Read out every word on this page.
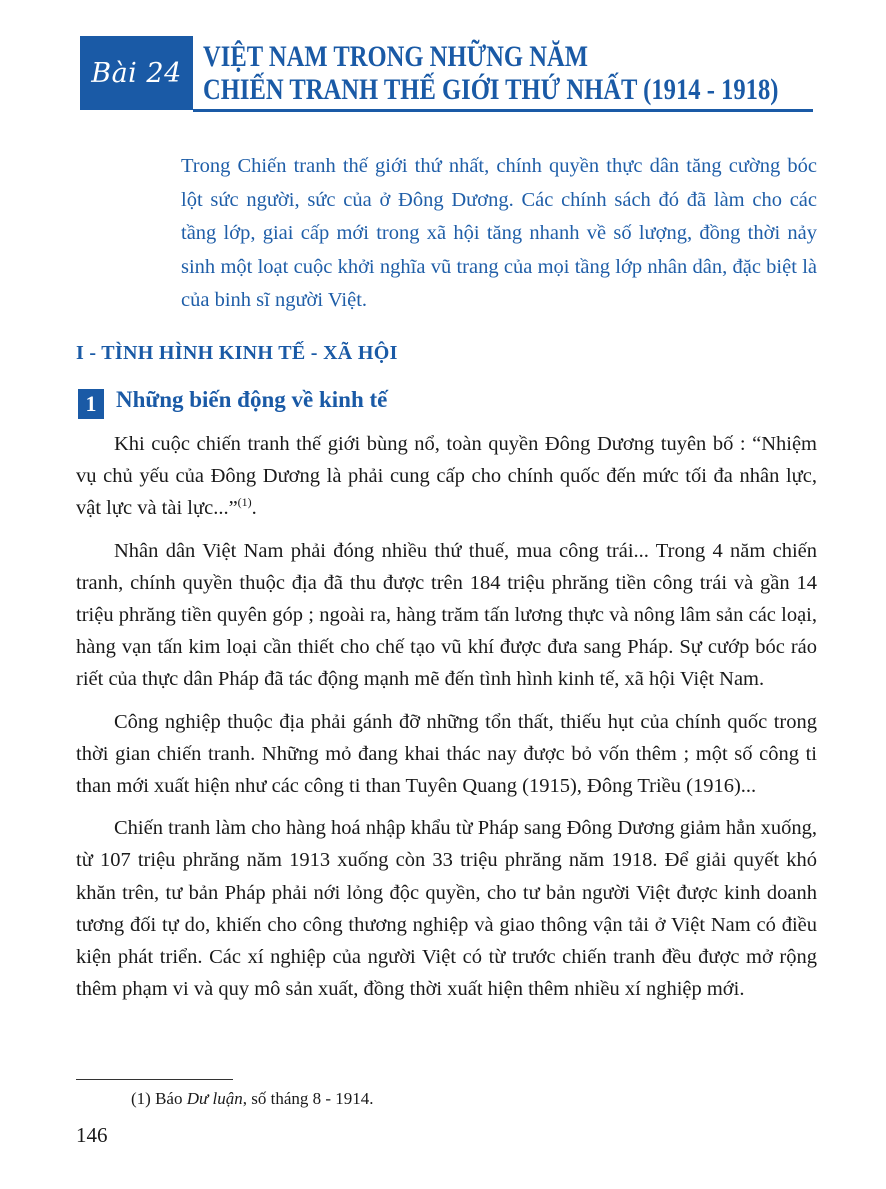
Bài 24 VIỆT NAM TRONG NHỮNG NĂM
CHIẾN TRANH THẾ GIỚI THỨ NHẤT (1914 - 1918)

Trong Chiến tranh thế giới thứ nhất, chính quyền thực dân tăng cường bóc lột sức người, sức của ở Đông Dương. Các chính sách đó đã làm cho các tầng lớp, giai cấp mới trong xã hội tăng nhanh về số lượng, đồng thời nảy sinh một loạt cuộc khởi nghĩa vũ trang của mọi tầng lớp nhân dân, đặc biệt là của binh sĩ người Việt.

I - TÌNH HÌNH KINH TẾ - XÃ HỘI
1 Những biến động về kinh tế

Khi cuộc chiến tranh thế giới bùng nổ, toàn quyền Đông Dương tuyên bố : “Nhiệm vụ chủ yếu của Đông Dương là phải cung cấp cho chính quốc đến mức tối đa nhân lực, vật lực và tài lực...”$^{(1)}$.

Nhân dân Việt Nam phải đóng nhiều thứ thuế, mua công trái... Trong 4 năm chiến tranh, chính quyền thuộc địa đã thu được trên 184 triệu phrăng tiền công trái và gần 14 triệu phrăng tiền quyên góp ; ngoài ra, hàng trăm tấn lương thực và nông lâm sản các loại, hàng vạn tấn kim loại cần thiết cho chế tạo vũ khí được đưa sang Pháp. Sự cướp bóc ráo riết của thực dân Pháp đã tác động mạnh mẽ đến tình hình kinh tế, xã hội Việt Nam.

Công nghiệp thuộc địa phải gánh đỡ những tổn thất, thiếu hụt của chính quốc trong thời gian chiến tranh. Những mỏ đang khai thác nay được bỏ vốn thêm ; một số công ti than mới xuất hiện như các công ti than Tuyên Quang (1915), Đông Triều (1916)...

Chiến tranh làm cho hàng hoá nhập khẩu từ Pháp sang Đông Dương giảm hẳn xuống, từ 107 triệu phrăng năm 1913 xuống còn 33 triệu phrăng năm 1918. Để giải quyết khó khăn trên, tư bản Pháp phải nới lỏng độc quyền, cho tư bản người Việt được kinh doanh tương đối tự do, khiến cho công thương nghiệp và giao thông vận tải ở Việt Nam có điều kiện phát triển. Các xí nghiệp của người Việt có từ trước chiến tranh đều được mở rộng thêm phạm vi và quy mô sản xuất, đồng thời xuất hiện thêm nhiều xí nghiệp mới.

(1) Báo Dư luận, số tháng 8 - 1914.
146
